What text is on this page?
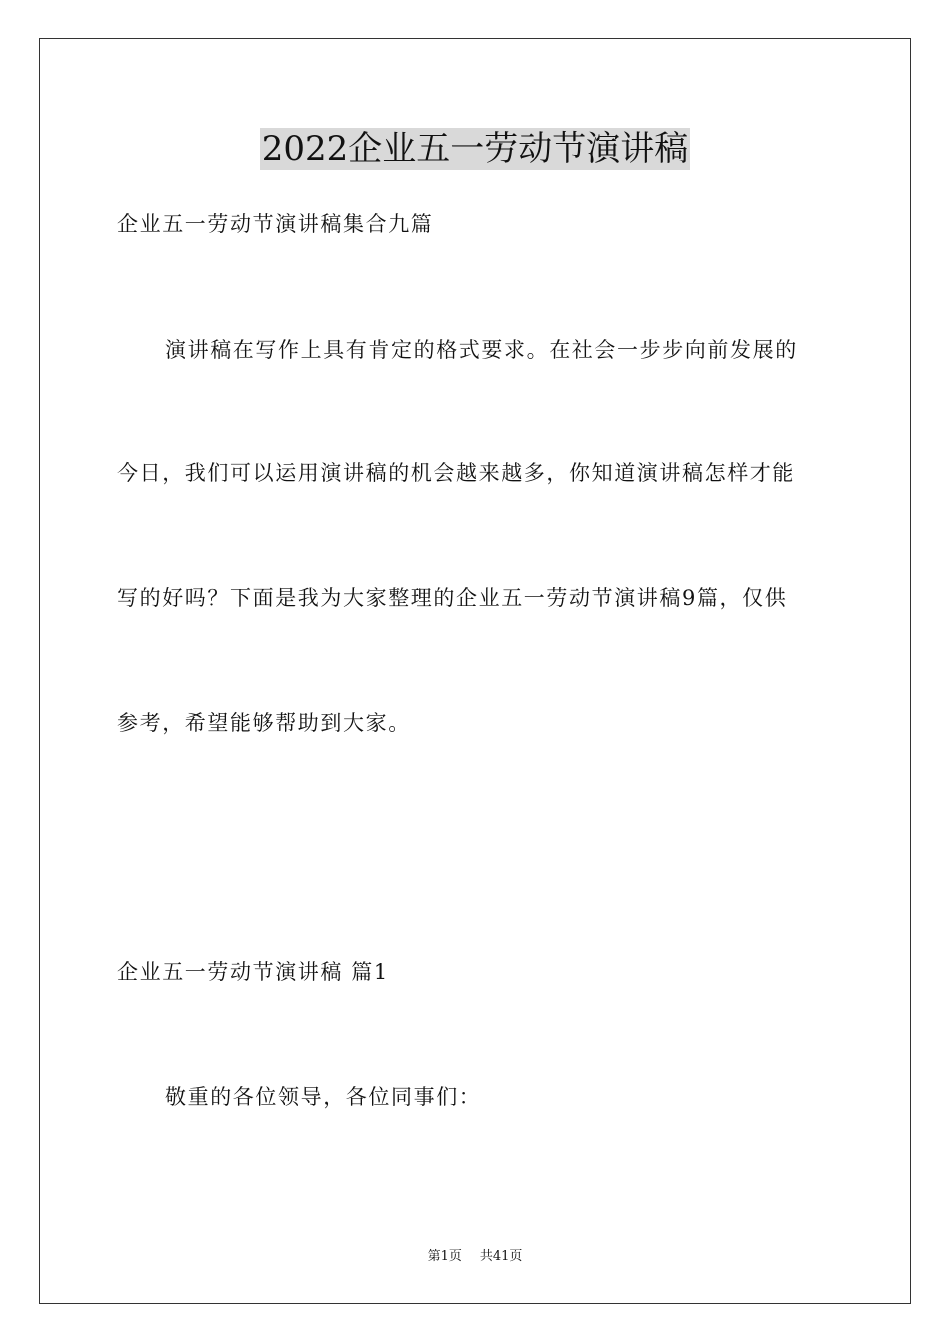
2022企业五一劳动节演讲稿
企业五一劳动节演讲稿集合九篇
演讲稿在写作上具有肯定的格式要求。在社会一步步向前发展的
今日，我们可以运用演讲稿的机会越来越多，你知道演讲稿怎样才能
写的好吗？下面是我为大家整理的企业五一劳动节演讲稿9篇，仅供
参考，希望能够帮助到大家。
企业五一劳动节演讲稿 篇1
敬重的各位领导，各位同事们：
第1页 共41页
